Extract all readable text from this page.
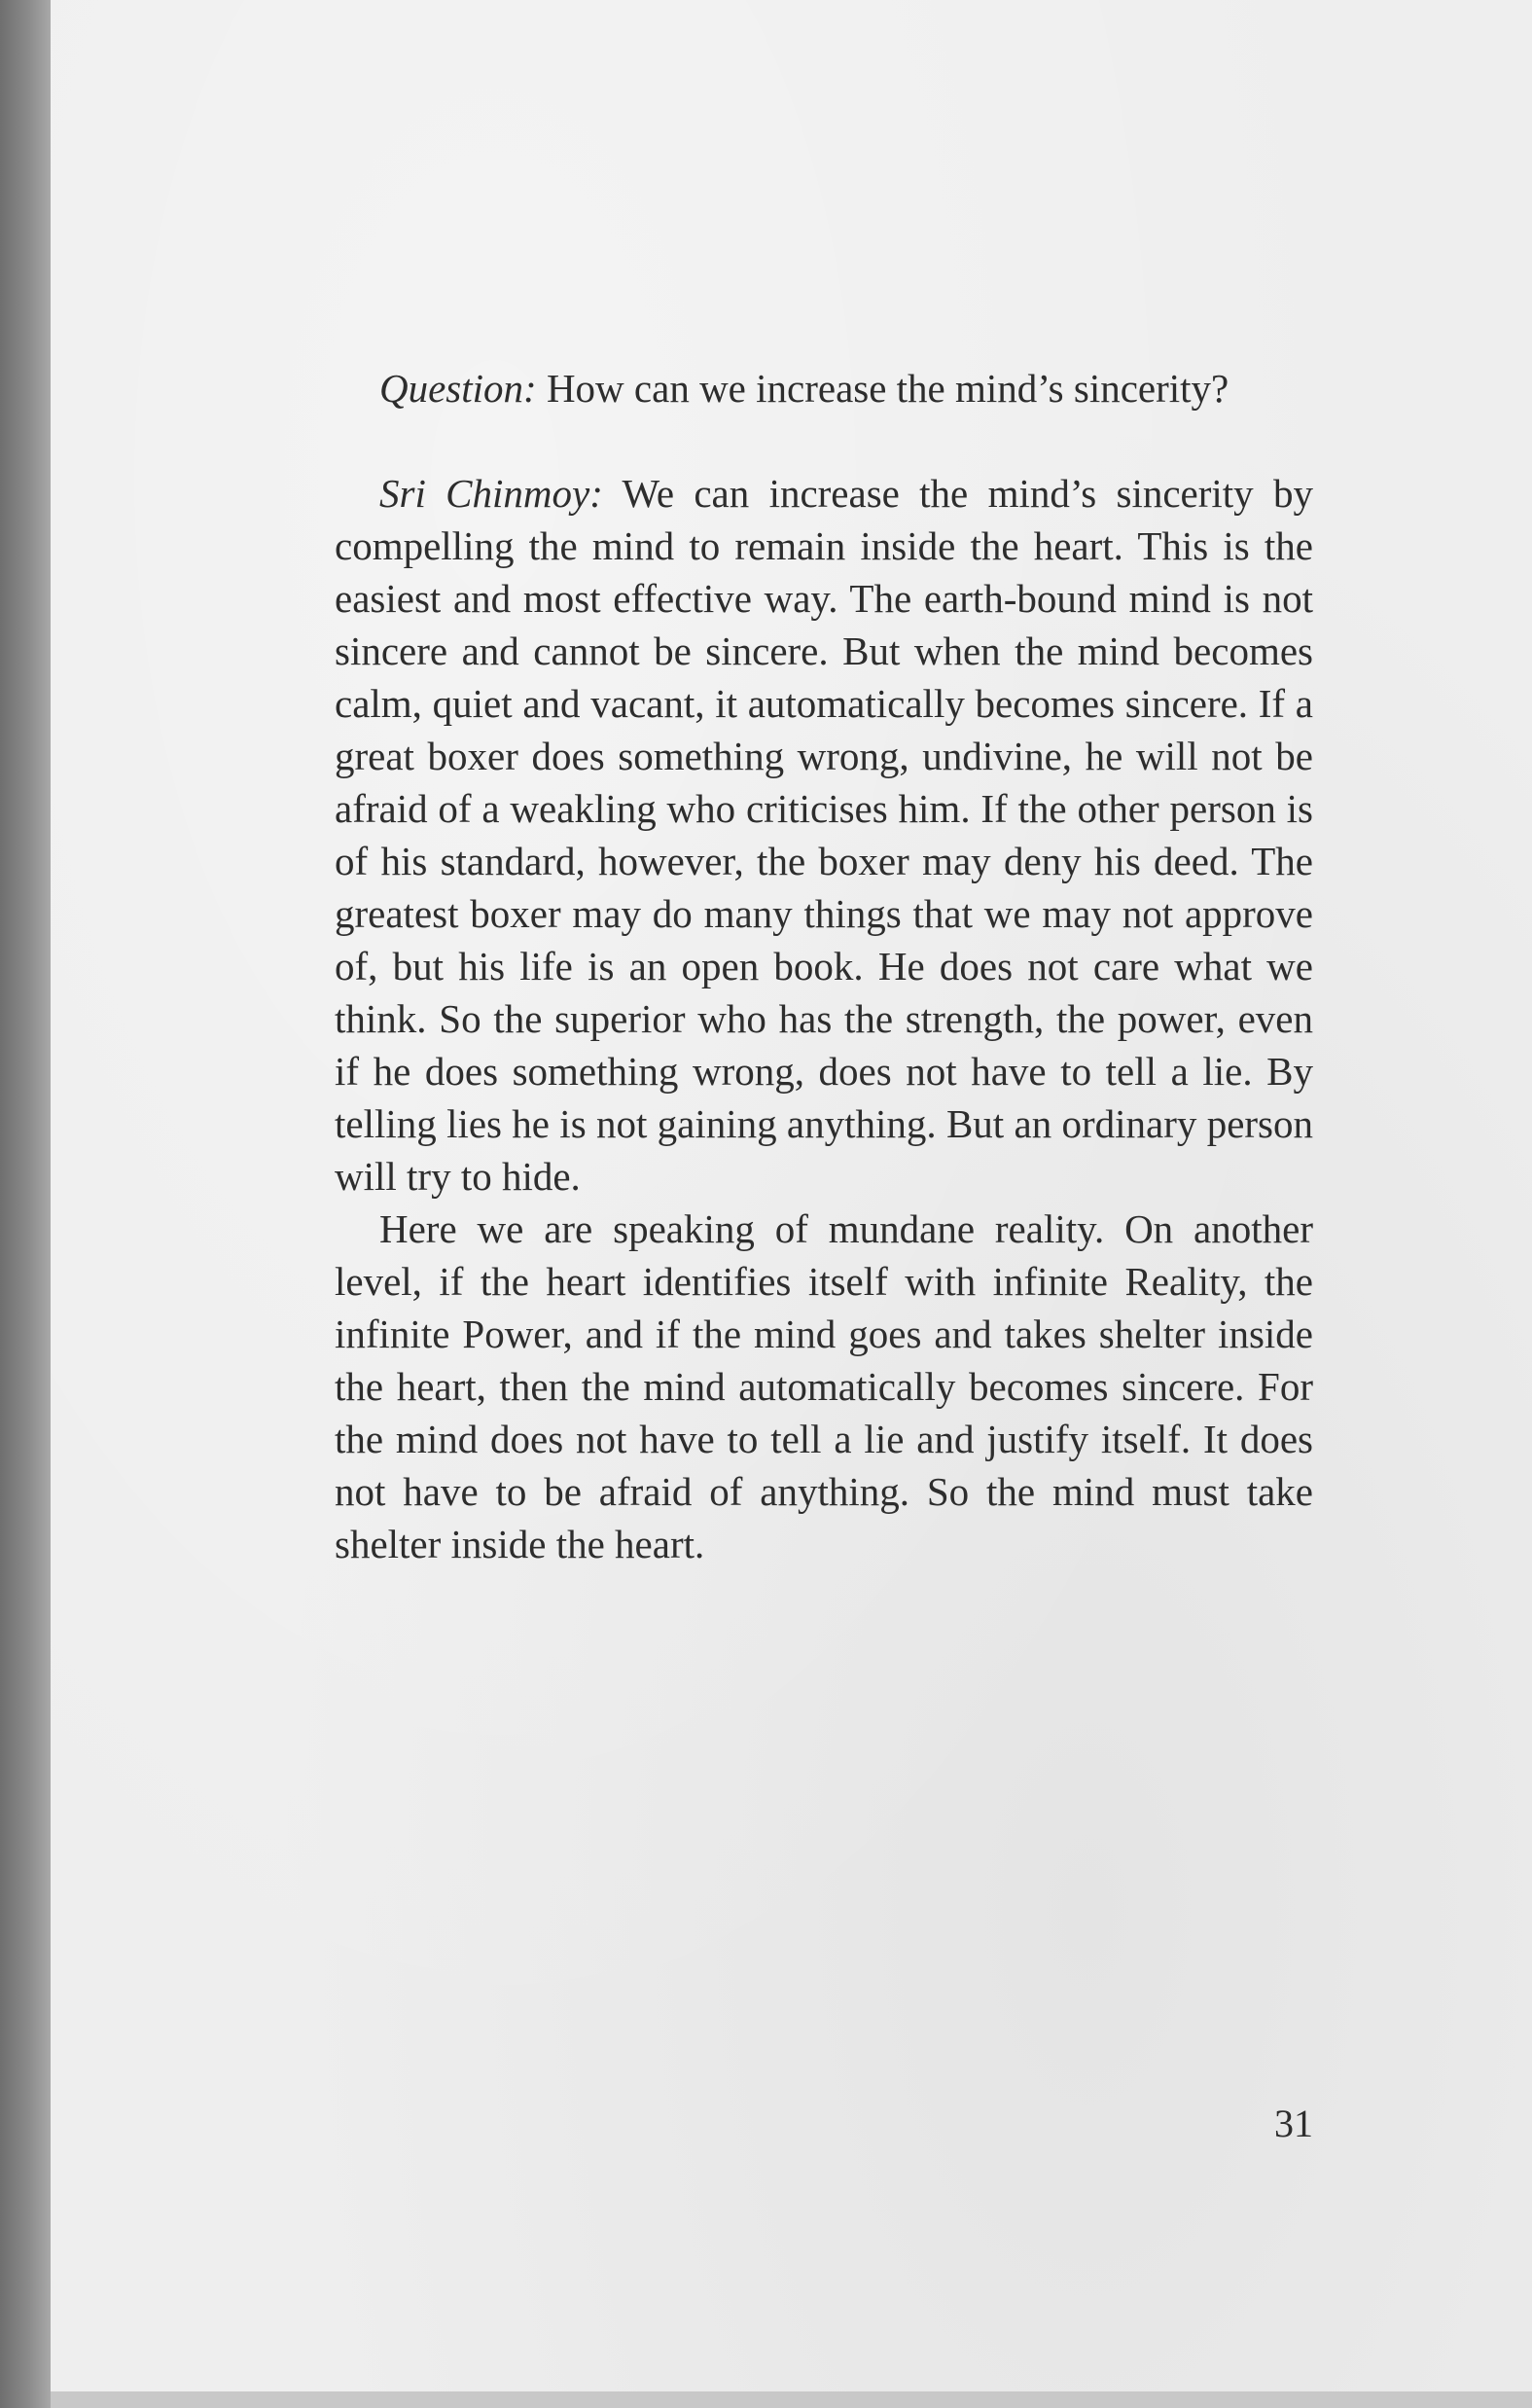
Question: How can we increase the mind’s sincerity?

Sri Chinmoy: We can increase the mind’s sincerity by compelling the mind to remain inside the heart. This is the easiest and most effective way. The earth-bound mind is not sincere and cannot be sincere. But when the mind becomes calm, quiet and vacant, it automatically becomes sincere. If a great boxer does something wrong, undivine, he will not be afraid of a weakling who criticises him. If the other person is of his standard, however, the boxer may deny his deed. The greatest boxer may do many things that we may not approve of, but his life is an open book. He does not care what we think. So the superior who has the strength, the power, even if he does something wrong, does not have to tell a lie. By telling lies he is not gaining anything. But an ordinary person will try to hide.

Here we are speaking of mundane reality. On another level, if the heart identifies itself with infinite Reality, the infinite Power, and if the mind goes and takes shelter inside the heart, then the mind automatically becomes sincere. For the mind does not have to tell a lie and justify itself. It does not have to be afraid of anything. So the mind must take shelter inside the heart.

31
